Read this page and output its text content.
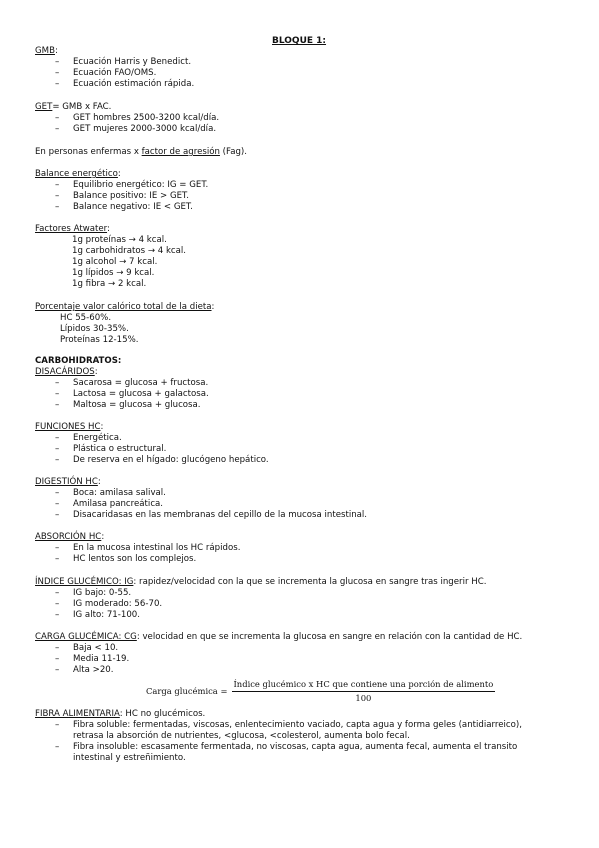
BLOQUE 1:
GMB:
– Ecuación Harris y Benedict.
– Ecuación FAO/OMS.
– Ecuación estimación rápida.
GET= GMB x FAC.
– GET hombres 2500-3200 kcal/día.
– GET mujeres 2000-3000 kcal/día.
En personas enfermas x factor de agresión (Fag).
Balance energético:
– Equilibrio energético: IG = GET.
– Balance positivo: IE > GET.
– Balance negativo: IE < GET.
Factores Atwater:
1g proteínas → 4 kcal.
1g carbohidratos → 4 kcal.
1g alcohol → 7 kcal.
1g lípidos → 9 kcal.
1g fibra → 2 kcal.
Porcentaje valor calórico total de la dieta:
HC 55-60%.
Lípidos 30-35%.
Proteínas 12-15%.
CARBOHIDRATOS:
DISACÁRIDOS:
– Sacarosa = glucosa + fructosa.
– Lactosa = glucosa + galactosa.
– Maltosa = glucosa + glucosa.
FUNCIONES HC:
– Energética.
– Plástica o estructural.
– De reserva en el hígado: glucógeno hepático.
DIGESTIÓN HC:
– Boca: amilasa salival.
– Amilasa pancreática.
– Disacaridasas en las membranas del cepillo de la mucosa intestinal.
ABSORCIÓN HC:
– En la mucosa intestinal los HC rápidos.
– HC lentos son los complejos.
ÍNDICE GLUCÉMICO: IG: rapidez/velocidad con la que se incrementa la glucosa en sangre tras ingerir HC.
– IG bajo: 0-55.
– IG moderado: 56-70.
– IG alto: 71-100.
CARGA GLUCÉMICA: CG: velocidad en que se incrementa la glucosa en sangre en relación con la cantidad de HC.
– Baja < 10.
– Media 11-19.
– Alta >20.
Carga glucémica = $\frac{\text{Índice glucémico x HC que contiene una porción de alimento}}{100}$
FIBRA ALIMENTARIA: HC no glucémicos.
– Fibra soluble: fermentadas, viscosas, enlentecimiento vaciado, capta agua y forma geles (antidiarreico), retrasa la absorción de nutrientes, <glucosa, <colesterol, aumenta bolo fecal.
– Fibra insoluble: escasamente fermentada, no viscosas, capta agua, aumenta fecal, aumenta el transito intestinal y estreñimiento.
